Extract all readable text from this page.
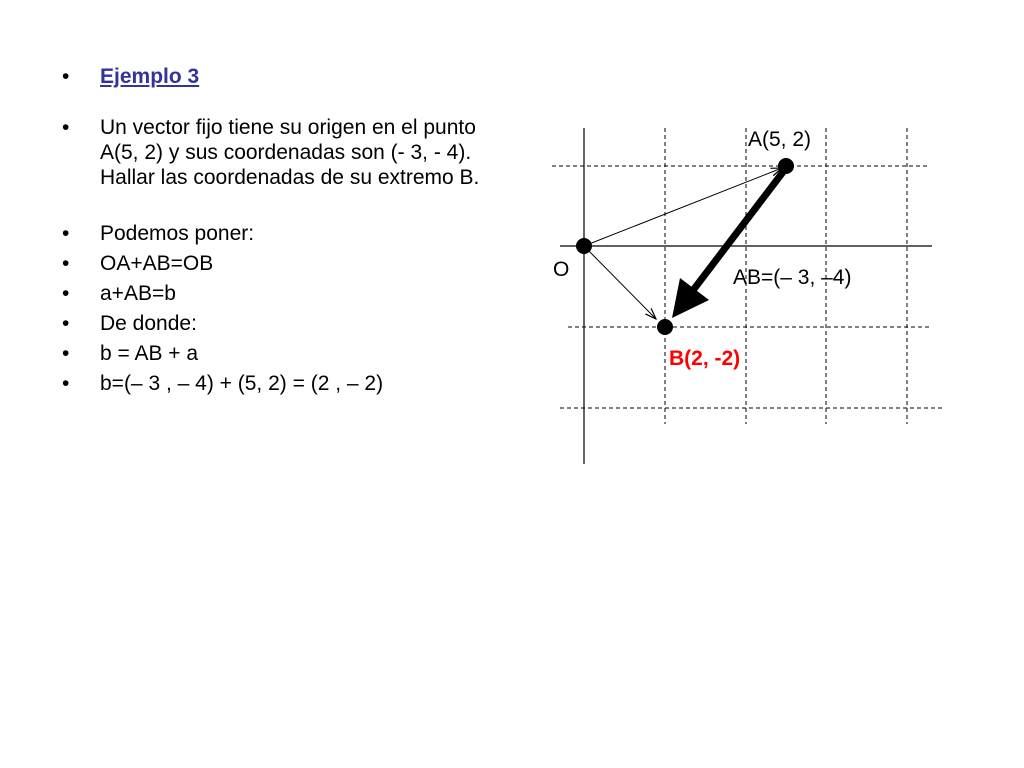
• Ejemplo 3
• Un vector fijo tiene su origen en el punto A(5, 2) y sus coordenadas son (- 3, - 4). Hallar las coordenadas de su extremo B.
• Podemos poner:
• OA+AB=OB
• a+AB=b
• De donde:
• b = AB + a
• b=(– 3 , – 4) + (5, 2) = (2 , – 2)
O
A(5, 2)
AB=(– 3, –4)
B(2, -2)
